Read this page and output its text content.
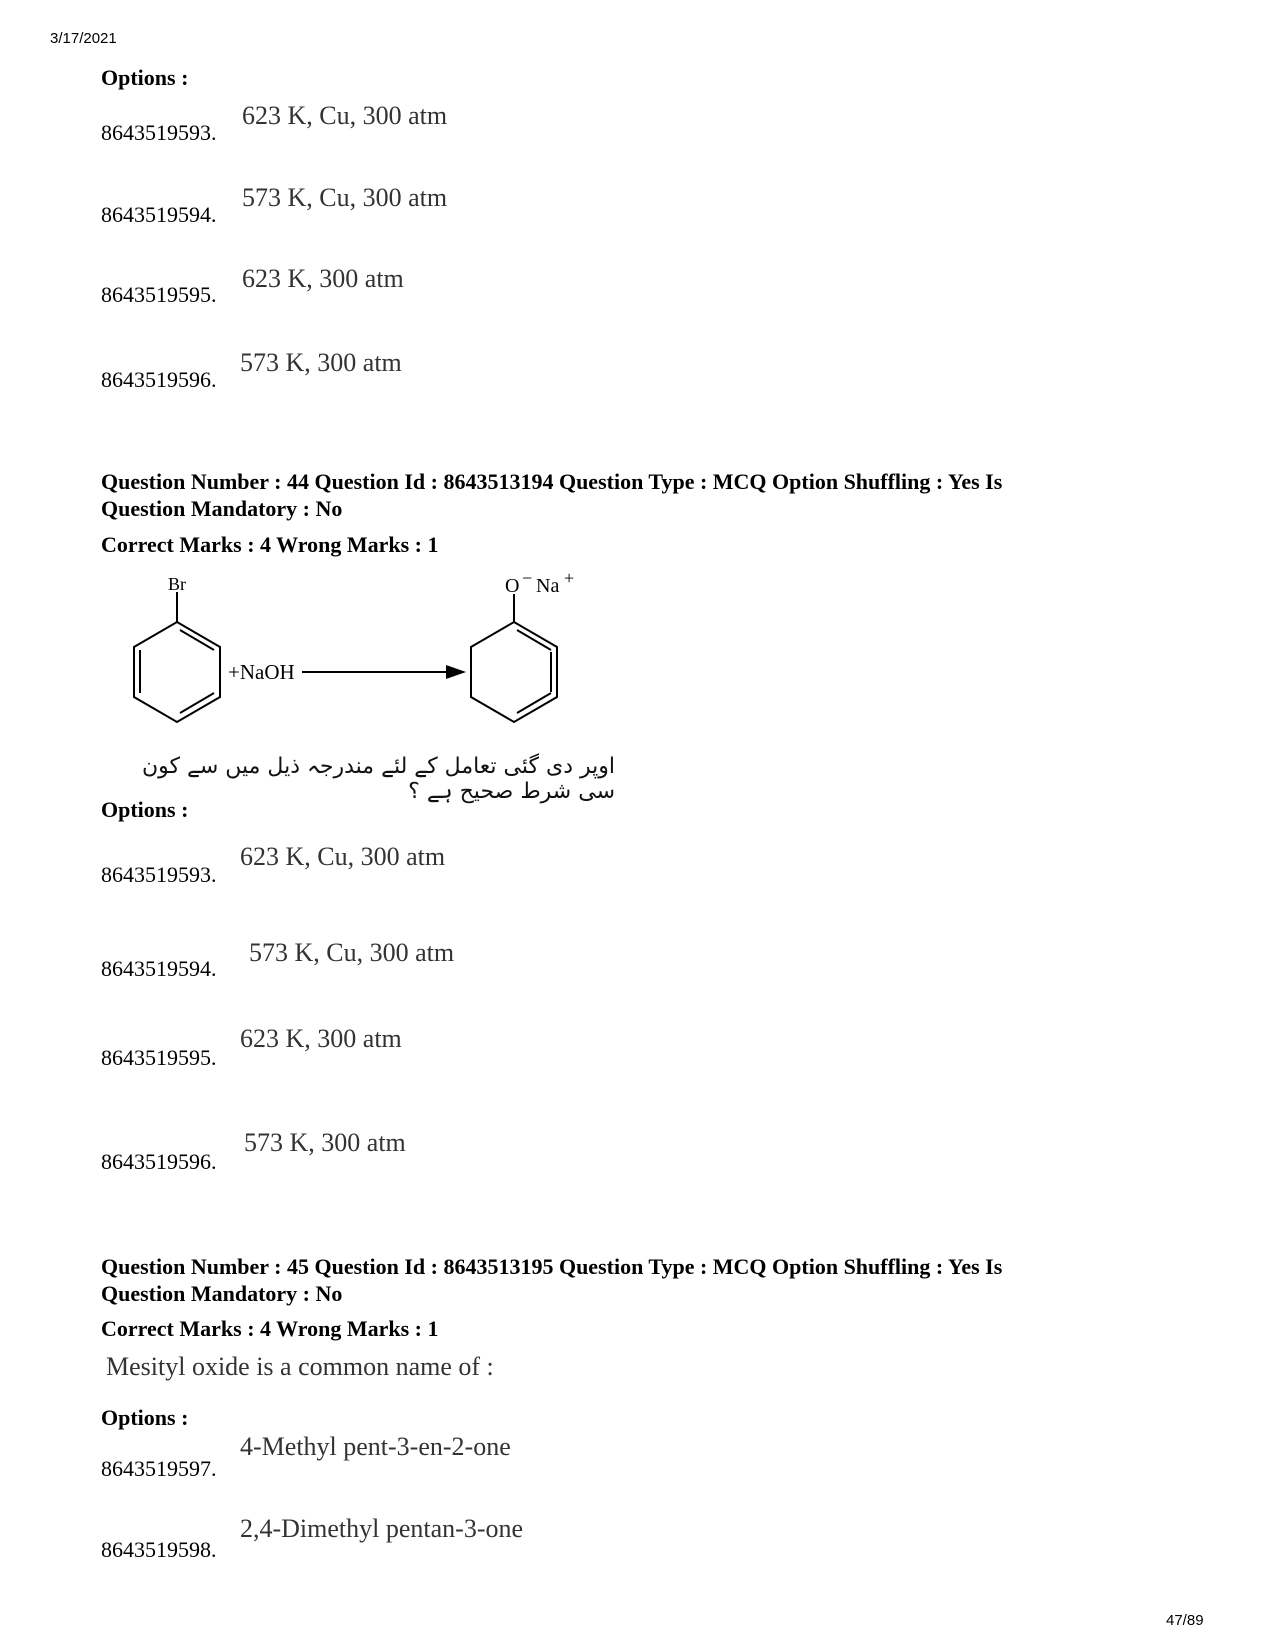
3/17/2021
Options :
8643519593.
623 K, Cu, 300 atm
8643519594.
573 K, Cu, 300 atm
8643519595.
623 K, 300 atm
8643519596.
573 K, 300 atm
Question Number : 44 Question Id : 8643513194 Question Type : MCQ Option Shuffling : Yes Is
Question Mandatory : No
Correct Marks : 4 Wrong Marks : 1
Br
+NaOH
O − Na +
اوپر دی گئی تعامل کے لئے مندرجہ ذیل میں سے کون سی شرط صحیح ہے ؟
Options :
8643519593.
623 K, Cu, 300 atm
8643519594.
573 K, Cu, 300 atm
8643519595.
623 K, 300 atm
8643519596.
573 K, 300 atm
Question Number : 45 Question Id : 8643513195 Question Type : MCQ Option Shuffling : Yes Is
Question Mandatory : No
Correct Marks : 4 Wrong Marks : 1
Mesityl oxide is a common name of :
Options :
8643519597.
4-Methyl pent-3-en-2-one
8643519598.
2,4-Dimethyl pentan-3-one
47/89
